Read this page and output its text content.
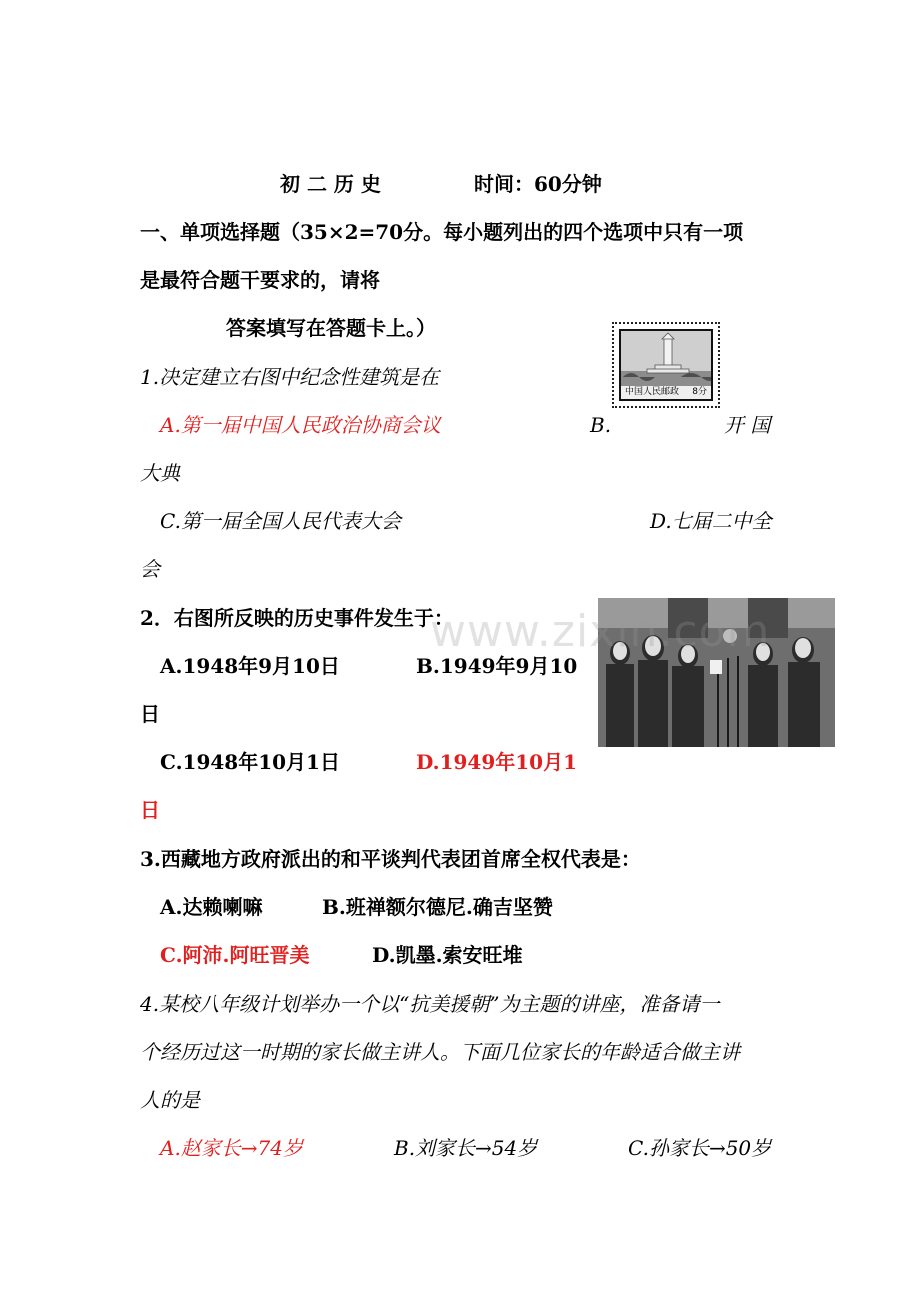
初 二 历 史	时间：60分钟
一、单项选择题（35×2=70分。每小题列出的四个选项中只有一项
是最符合题干要求的，请将
答案填写在答题卡上。）
中国人民邮政	8分
1.决定建立右图中纪念性建筑是在
A.第一届中国人民政治协商会议	B.	开 国
大典
C.第一届全国人民代表大会	D.七届二中全
会
www.zixin.com
2．右图所反映的历史事件发生于：
A.1948年9月10日	B.1949年9月10
日
C.1948年10月1日	D.1949年10月1
日
3.西藏地方政府派出的和平谈判代表团首席全权代表是：
A.达赖喇嘛	B.班禅额尔德尼.确吉坚赞
C.阿沛.阿旺晋美	D.凯墨.索安旺堆
4.某校八年级计划举办一个以“抗美援朝”为主题的讲座，准备请一
个经历过这一时期的家长做主讲人。下面几位家长的年龄适合做主讲
人的是
A.赵家长→74岁	B.刘家长→54岁	C.孙家长→50岁
